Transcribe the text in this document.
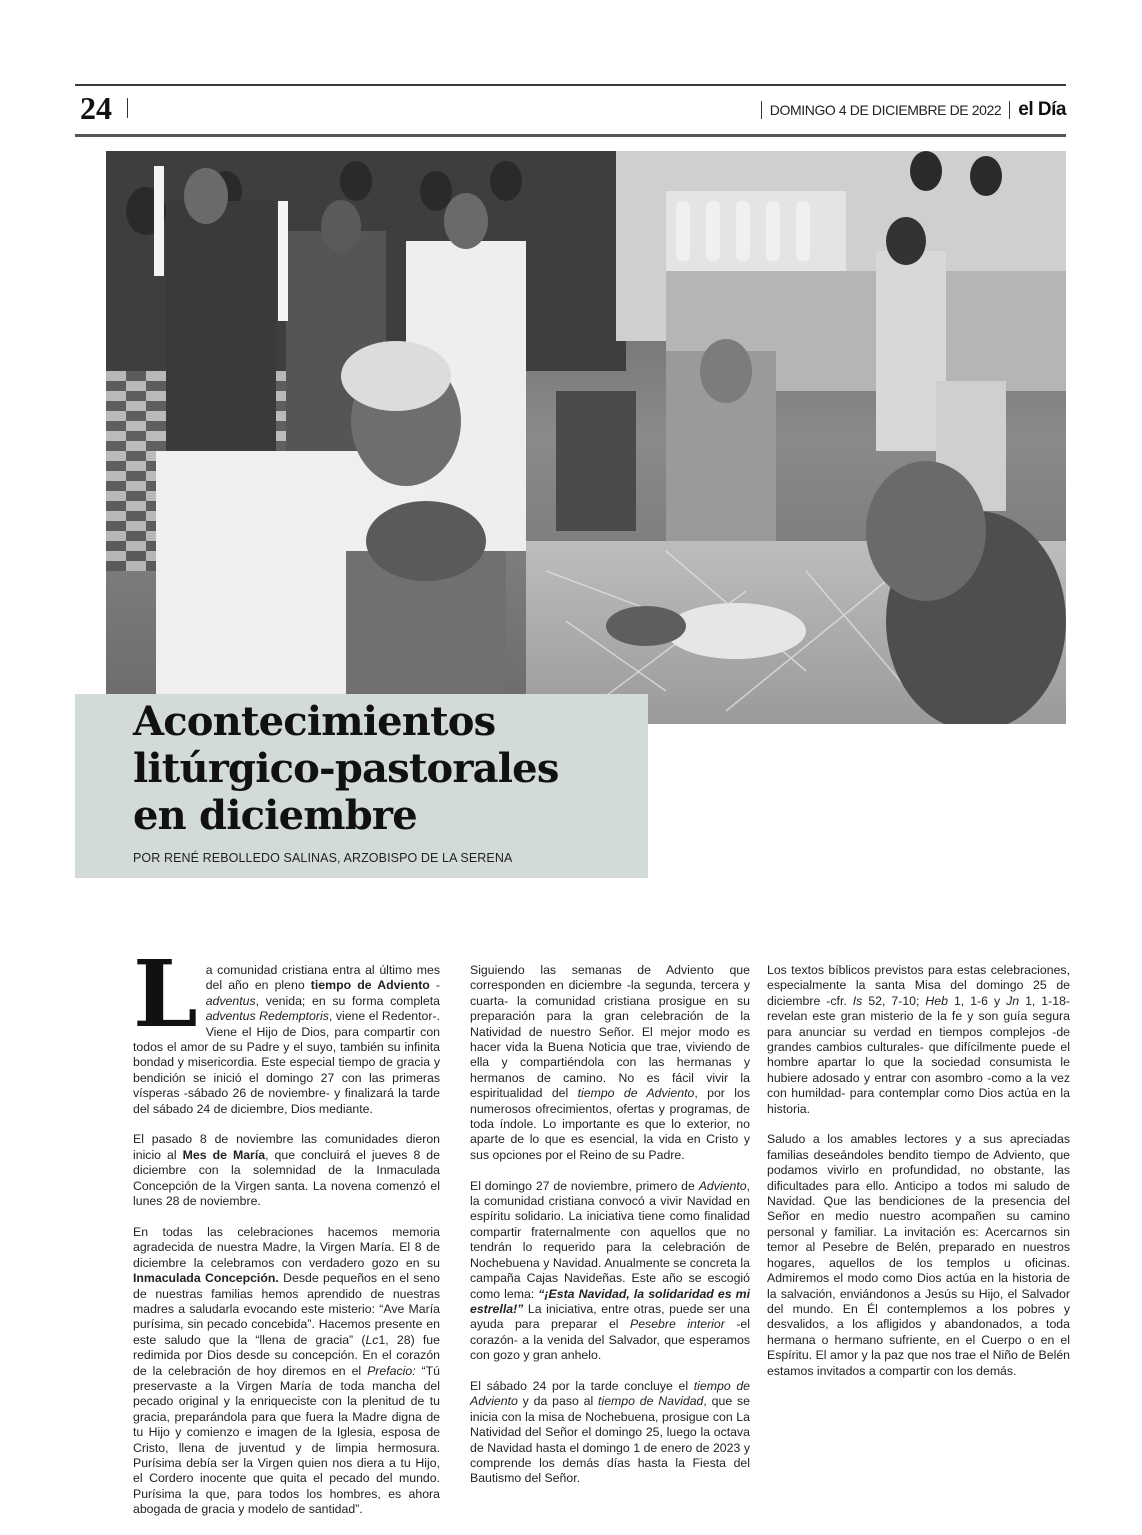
24	DOMINGO 4 DE DICIEMBRE DE 2022 el Día
Acontecimientos
litúrgico-pastorales
en diciembre
POR RENÉ REBOLLEDO SALINAS, ARZOBISPO DE LA SERENA

La comunidad cristiana entra al último mes del año en pleno tiempo de Adviento -adventus, venida; en su forma completa adventus Redemptoris, viene el Redentor-. Viene el Hijo de Dios, para compartir con todos el amor de su Padre y el suyo, también su infinita bondad y misericordia. Este especial tiempo de gracia y bendición se inició el domingo 27 con las primeras vísperas -sábado 26 de noviembre- y finalizará la tarde del sábado 24 de diciembre, Dios mediante.

El pasado 8 de noviembre las comunidades dieron inicio al Mes de María, que concluirá el jueves 8 de diciembre con la solemnidad de la Inmaculada Concepción de la Virgen santa. La novena comenzó el lunes 28 de noviembre.

En todas las celebraciones hacemos memoria agradecida de nuestra Madre, la Virgen María. El 8 de diciembre la celebramos con verdadero gozo en su Inmaculada Concepción. Desde pequeños en el seno de nuestras familias hemos aprendido de nuestras madres a saludarla evocando este misterio: “Ave María purísima, sin pecado concebida”. Hacemos presente en este saludo que la “llena de gracia” (Lc1, 28) fue redimida por Dios desde su concepción. En el corazón de la celebración de hoy diremos en el Prefacio: “Tú preservaste a la Virgen María de toda mancha del pecado original y la enriqueciste con la plenitud de tu gracia, preparándola para que fuera la Madre digna de tu Hijo y comienzo e imagen de la Iglesia, esposa de Cristo, llena de juventud y de limpia hermosura. Purísima debía ser la Virgen quien nos diera a tu Hijo, el Cordero inocente que quita el pecado del mundo. Purísima la que, para todos los hombres, es ahora abogada de gracia y modelo de santidad”.

Siguiendo las semanas de Adviento que corresponden en diciembre -la segunda, tercera y cuarta- la comunidad cristiana prosigue en su preparación para la gran celebración de la Natividad de nuestro Señor. El mejor modo es hacer vida la Buena Noticia que trae, viviendo de ella y compartiéndola con las hermanas y hermanos de camino. No es fácil vivir la espiritualidad del tiempo de Adviento, por los numerosos ofrecimientos, ofertas y programas, de toda índole. Lo importante es que lo exterior, no aparte de lo que es esencial, la vida en Cristo y sus opciones por el Reino de su Padre.

El domingo 27 de noviembre, primero de Adviento, la comunidad cristiana convocó a vivir Navidad en espíritu solidario. La iniciativa tiene como finalidad compartir fraternalmente con aquellos que no tendrán lo requerido para la celebración de Nochebuena y Navidad. Anualmente se concreta la campaña Cajas Navideñas. Este año se escogió como lema: “¡Esta Navidad, la solidaridad es mi estrella!” La iniciativa, entre otras, puede ser una ayuda para preparar el Pesebre interior -el corazón- a la venida del Salvador, que esperamos con gozo y gran anhelo.

El sábado 24 por la tarde concluye el tiempo de Adviento y da paso al tiempo de Navidad, que se inicia con la misa de Nochebuena, prosigue con La Natividad del Señor el domingo 25, luego la octava de Navidad hasta el domingo 1 de enero de 2023 y comprende los demás días hasta la Fiesta del Bautismo del Señor.

Los textos bíblicos previstos para estas celebraciones, especialmente la santa Misa del domingo 25 de diciembre -cfr. Is 52, 7-10; Heb 1, 1-6 y Jn 1, 1-18- revelan este gran misterio de la fe y son guía segura para anunciar su verdad en tiempos complejos -de grandes cambios culturales- que difícilmente puede el hombre apartar lo que la sociedad consumista le hubiere adosado y entrar con asombro -como a la vez con humildad- para contemplar como Dios actúa en la historia.

Saludo a los amables lectores y a sus apreciadas familias deseándoles bendito tiempo de Adviento, que podamos vivirlo en profundidad, no obstante, las dificultades para ello. Anticipo a todos mi saludo de Navidad. Que las bendiciones de la presencia del Señor en medio nuestro acompañen su camino personal y familiar. La invitación es: Acercarnos sin temor al Pesebre de Belén, preparado en nuestros hogares, aquellos de los templos u oficinas. Admiremos el modo como Dios actúa en la historia de la salvación, enviándonos a Jesús su Hijo, el Salvador del mundo. En Él contemplemos a los pobres y desvalidos, a los afligidos y abandonados, a toda hermana o hermano sufriente, en el Cuerpo o en el Espíritu. El amor y la paz que nos trae el Niño de Belén estamos invitados a compartir con los demás.
